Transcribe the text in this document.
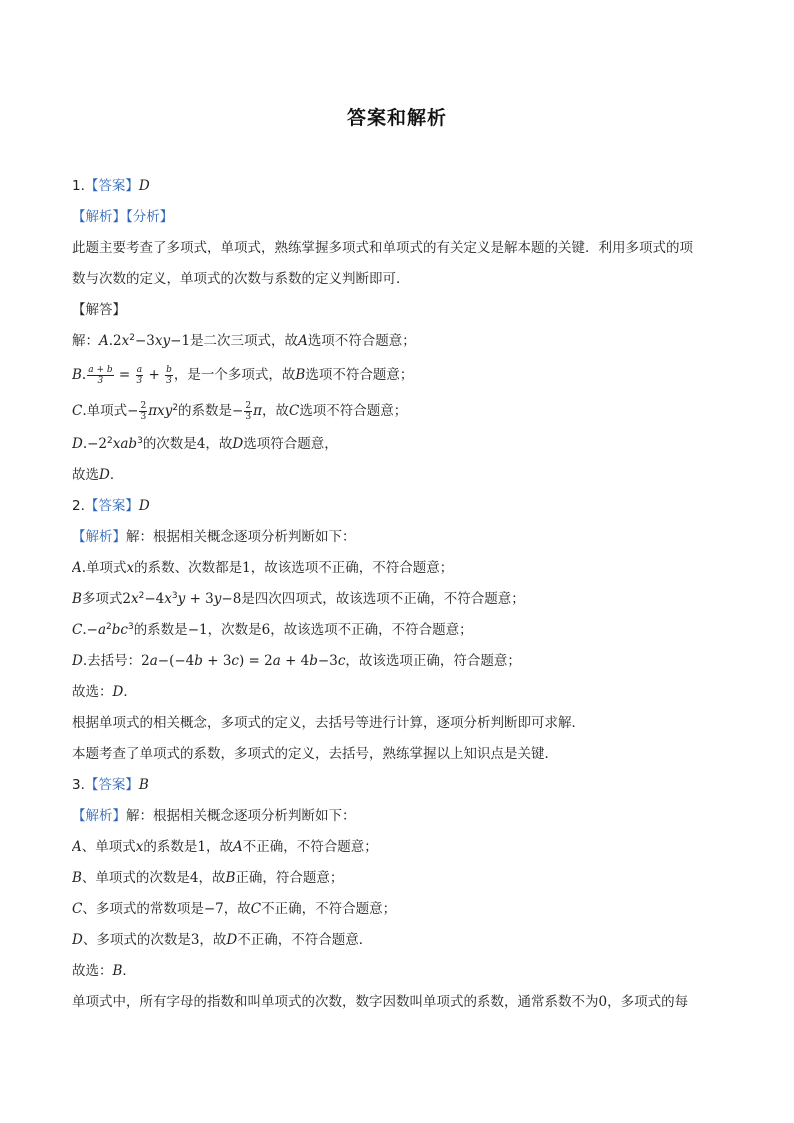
答案和解析
1.【答案】D
【解析】【分析】
此题主要考查了多项式，单项式，熟练掌握多项式和单项式的有关定义是解本题的关键．利用多项式的项
数与次数的定义，单项式的次数与系数的定义判断即可．
【解答】
解：$A.2x^2-3xy-1$是二次三项式，故A选项不符合题意；
B. $\frac{a + b}{3} = \frac{a}{3} + \frac{b}{3}$ ，是一个多项式，故B选项不符合题意；
C.单项式− $\frac{2}{3} \pi xy^2$的系数是− $\frac{2}{3}$ π，故C选项不符合题意；
$D.-2^2xab^3$的次数是4，故D选项符合题意，
故选D．
2.【答案】D
【解析】解：根据相关概念逐项分析判断如下：
A.单项式x的系数、次数都是1，故该选项不正确，不符合题意；
B多项式$2x^2-4x^3y + 3y-8$是四次四项式，故该选项不正确，不符合题意；
$C.-a^2bc^3$的系数是−1，次数是6，故该选项不正确，不符合题意；
D.去括号：2a−(−4b + 3c) = 2a + 4b−3c，故该选项正确，符合题意；
故选：D．
根据单项式的相关概念，多项式的定义，去括号等进行计算，逐项分析判断即可求解．
本题考查了单项式的系数，多项式的定义，去括号，熟练掌握以上知识点是关键．
3.【答案】B
【解析】解：根据相关概念逐项分析判断如下：
A、单项式x的系数是1，故A不正确，不符合题意；
B、单项式的次数是4，故B正确，符合题意；
C、多项式的常数项是−7，故C不正确，不符合题意；
D、多项式的次数是3，故D不正确，不符合题意．
故选：B．
单项式中，所有字母的指数和叫单项式的次数，数字因数叫单项式的系数，通常系数不为0，多项式的每
